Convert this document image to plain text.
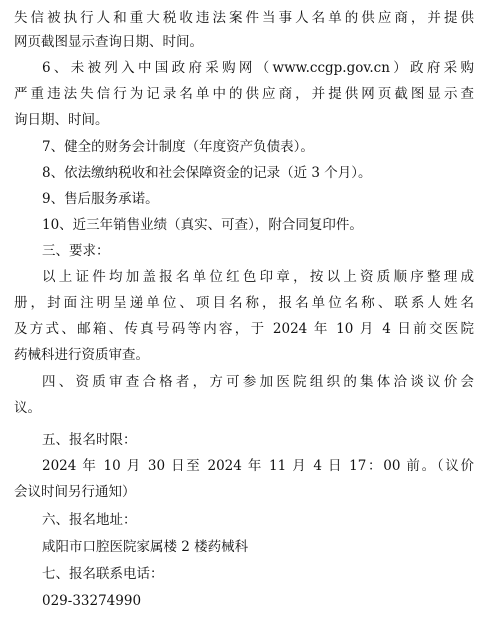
失信被执行人和重大税收违法案件当事人名单的供应商，并提供
网页截图显示查询日期、时间。
6、未被列入中国政府采购网（www.ccgp.gov.cn）政府采购
严重违法失信行为记录名单中的供应商，并提供网页截图显示查
询日期、时间。
7、健全的财务会计制度（年度资产负债表）。
8、依法缴纳税收和社会保障资金的记录（近 3 个月）。
9、售后服务承诺。
10、近三年销售业绩（真实、可查），附合同复印件。
三、要求：
以上证件均加盖报名单位红色印章，按以上资质顺序整理成
册，封面注明呈递单位、项目名称，报名单位名称、联系人姓名
及方式、邮箱、传真号码等内容，于 2024 年 10 月 4 日前交医院
药械科进行资质审查。
四、资质审查合格者，方可参加医院组织的集体洽谈议价会
议。
五、报名时限：
2024 年 10 月 30 日至 2024 年 11 月 4 日 17：00 前。（议价
会议时间另行通知）
六、报名地址：
咸阳市口腔医院家属楼 2 楼药械科
七、报名联系电话：
029-33274990
